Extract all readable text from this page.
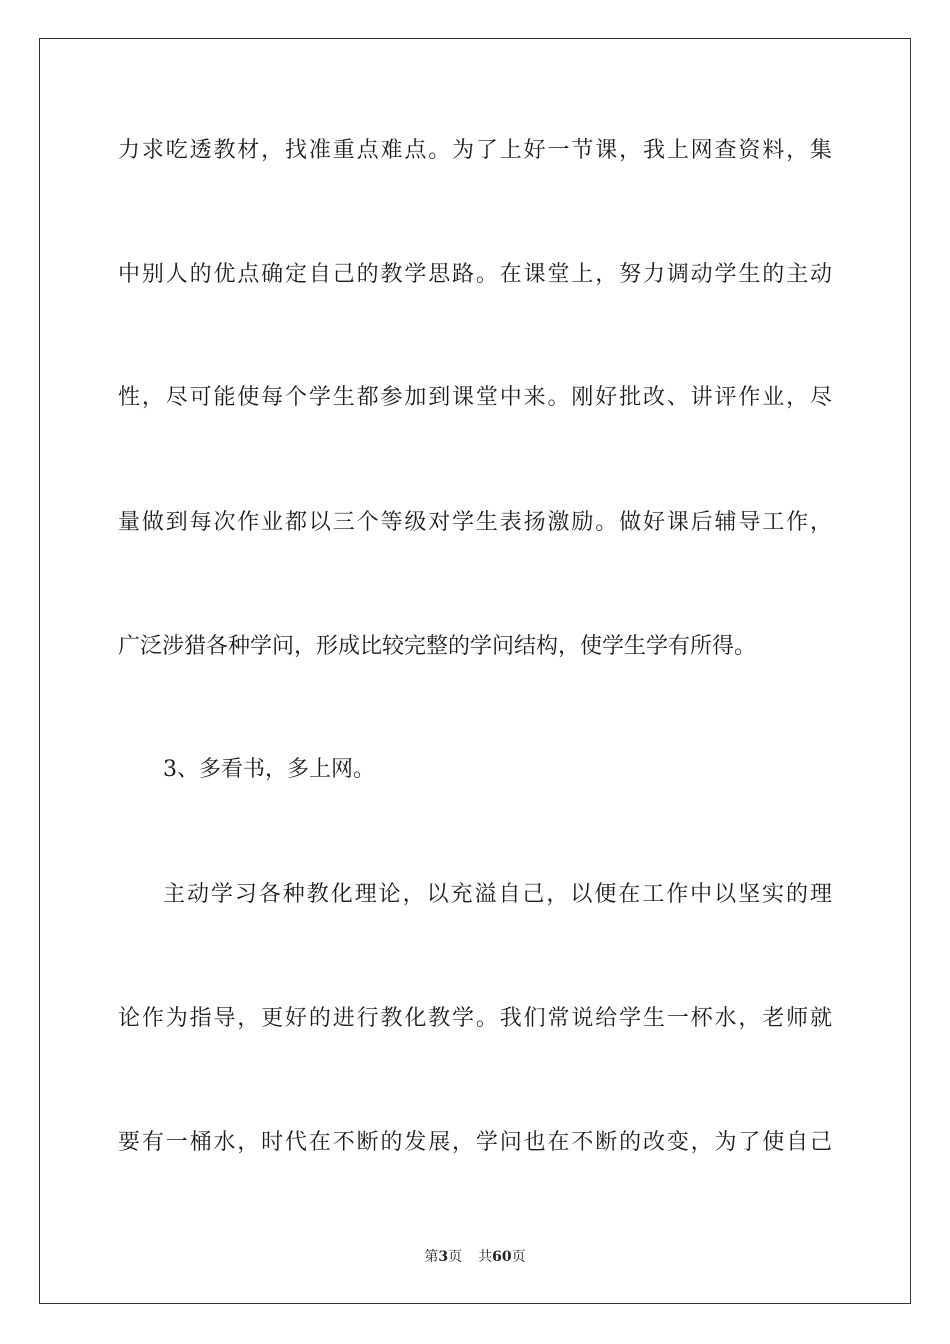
力求吃透教材，找准重点难点。为了上好一节课，我上网查资料，集
中别人的优点确定自己的教学思路。在课堂上，努力调动学生的主动
性，尽可能使每个学生都参加到课堂中来。刚好批改、讲评作业，尽
量做到每次作业都以三个等级对学生表扬激励。做好课后辅导工作，
广泛涉猎各种学问，形成比较完整的学问结构，使学生学有所得。
3、多看书，多上网。
主动学习各种教化理论，以充溢自己，以便在工作中以坚实的理
论作为指导，更好的进行教化教学。我们常说给学生一杯水，老师就
要有一桶水，时代在不断的发展，学问也在不断的改变，为了使自己
第3页 共60页
